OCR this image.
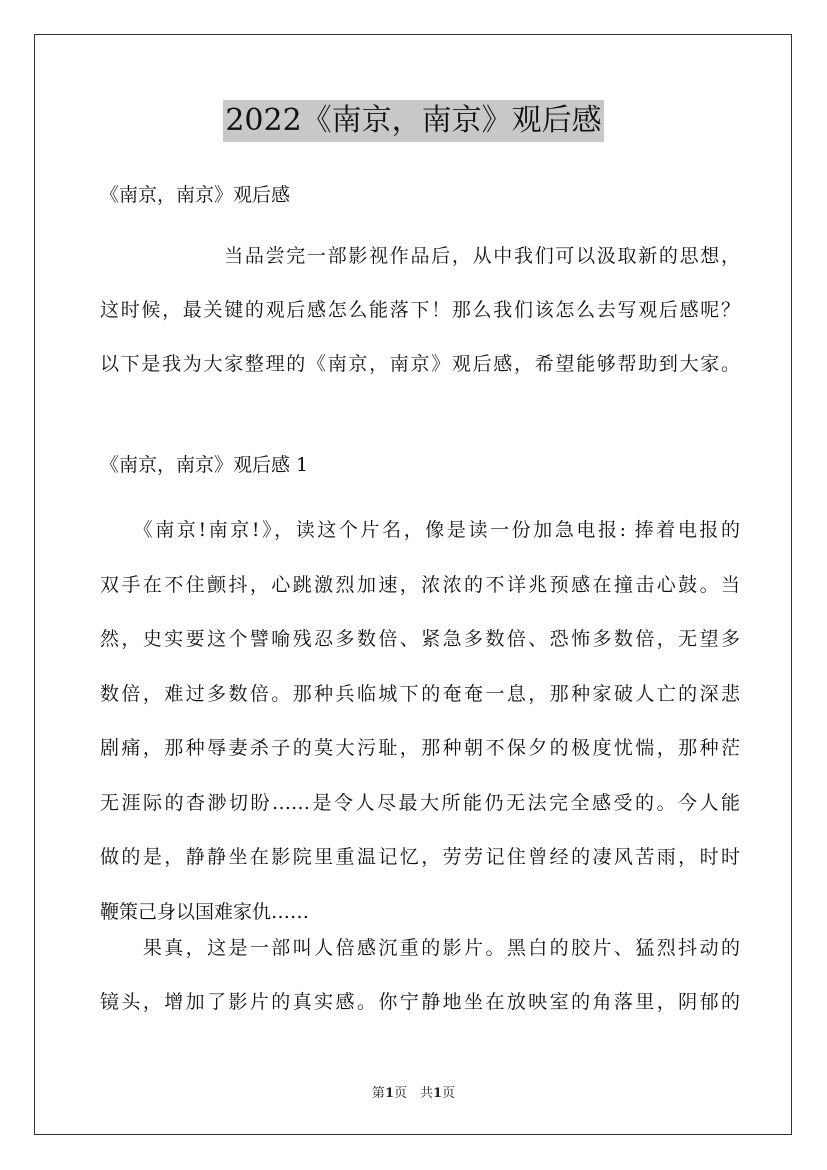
2022《南京，南京》观后感
《南京，南京》观后感
　　　　　　当品尝完一部影视作品后，从中我们可以汲取新的思想，
这时候，最关键的观后感怎么能落下！那么我们该怎么去写观后感呢？
以下是我为大家整理的《南京，南京》观后感，希望能够帮助到大家。
《南京，南京》观后感 1
　　《南京!南京!》，读这个片名，像是读一份加急电报: 捧着电报的
双手在不住颤抖，心跳激烈加速，浓浓的不详兆预感在撞击心鼓。当
然，史实要这个譬喻残忍多数倍、紧急多数倍、恐怖多数倍，无望多
数倍，难过多数倍。那种兵临城下的奄奄一息，那种家破人亡的深悲
剧痛，那种辱妻杀子的莫大污耻，那种朝不保夕的极度忧惴，那种茫
无涯际的杳渺切盼……是令人尽最大所能仍无法完全感受的。今人能
做的是，静静坐在影院里重温记忆，劳劳记住曾经的凄风苦雨，时时
鞭策己身以国难家仇……
　　果真，这是一部叫人倍感沉重的影片。黑白的胶片、猛烈抖动的
镜头，增加了影片的真实感。你宁静地坐在放映室的角落里，阴郁的
第1页　共1页
